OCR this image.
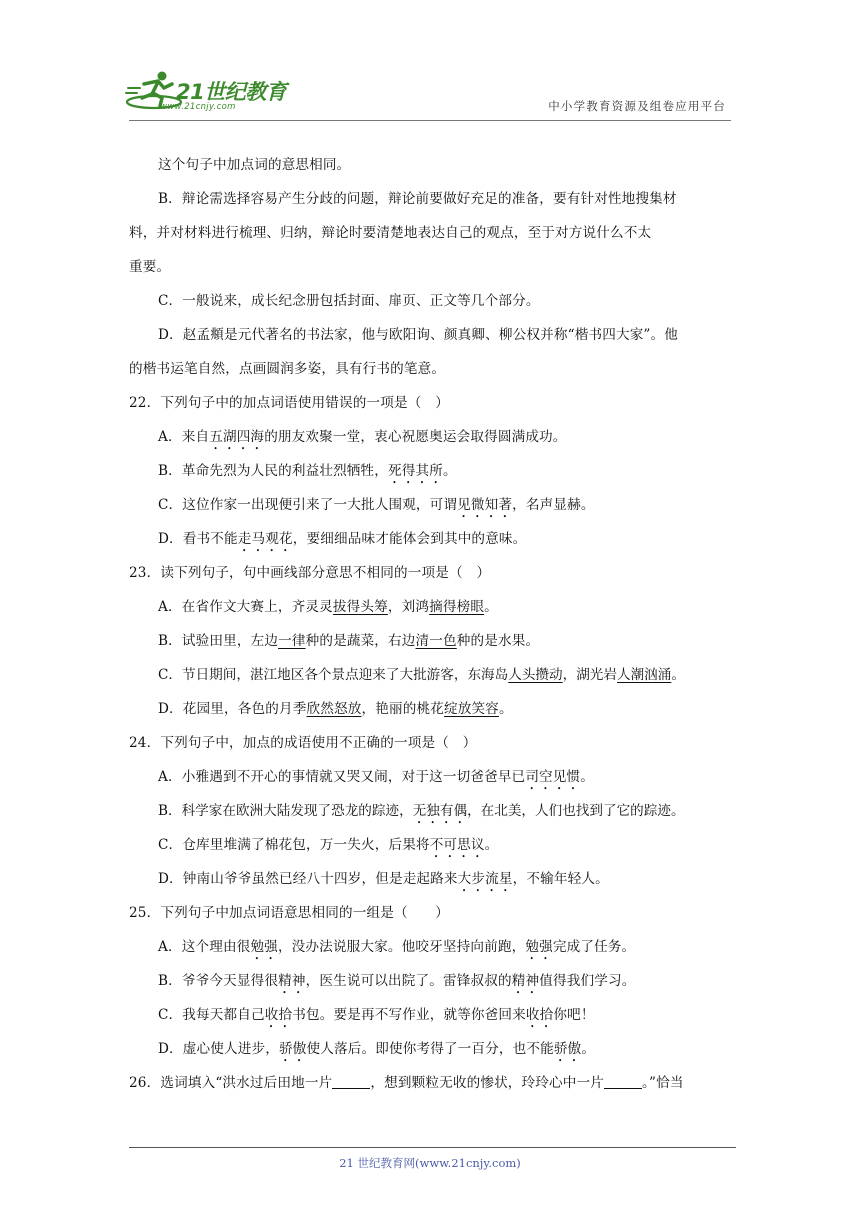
21世纪教育
www.21cnjy.com	中小学教育资源及组卷应用平台
这个句子中加点词的意思相同。
B．辩论需选择容易产生分歧的问题，辩论前要做好充足的准备，要有针对性地搜集材
料，并对材料进行梳理、归纳，辩论时要清楚地表达自己的观点，至于对方说什么不太
重要。
C．一般说来，成长纪念册包括封面、扉页、正文等几个部分。
D．赵孟頫是元代著名的书法家，他与欧阳询、颜真卿、柳公权并称“楷书四大家”。他
的楷书运笔自然，点画圆润多姿，具有行书的笔意。
22．下列句子中的加点词语使用错误的一项是（　）
A．来自五湖四海的朋友欢聚一堂，衷心祝愿奥运会取得圆满成功。
B．革命先烈为人民的利益壮烈牺牲，死得其所。
C．这位作家一出现便引来了一大批人围观，可谓见微知著，名声显赫。
D．看书不能走马观花，要细细品味才能体会到其中的意味。
23．读下列句子，句中画线部分意思不相同的一项是（　）
A．在省作文大赛上，齐灵灵拔得头筹，刘鸿摘得榜眼。
B．试验田里，左边一律种的是蔬菜，右边清一色种的是水果。
C．节日期间，湛江地区各个景点迎来了大批游客，东海岛人头攒动，湖光岩人潮汹涌。
D．花园里，各色的月季欣然怒放，艳丽的桃花绽放笑容。
24．下列句子中，加点的成语使用不正确的一项是（　）
A．小雅遇到不开心的事情就又哭又闹，对于这一切爸爸早已司空见惯。
B．科学家在欧洲大陆发现了恐龙的踪迹，无独有偶，在北美，人们也找到了它的踪迹。
C．仓库里堆满了棉花包，万一失火，后果将不可思议。
D．钟南山爷爷虽然已经八十四岁，但是走起路来大步流星，不输年轻人。
25．下列句子中加点词语意思相同的一组是（　　）
A．这个理由很勉强，没办法说服大家。他咬牙坚持向前跑，勉强完成了任务。
B．爷爷今天显得很精神，医生说可以出院了。雷锋叔叔的精神值得我们学习。
C．我每天都自己收拾书包。要是再不写作业，就等你爸回来收拾你吧！
D．虚心使人进步，骄傲使人落后。即使你考得了一百分，也不能骄傲。
26．选词填入“洪水过后田地一片	，想到颗粒无收的惨状，玲玲心中一片	。”恰当
21 世纪教育网(www.21cnjy.com)
